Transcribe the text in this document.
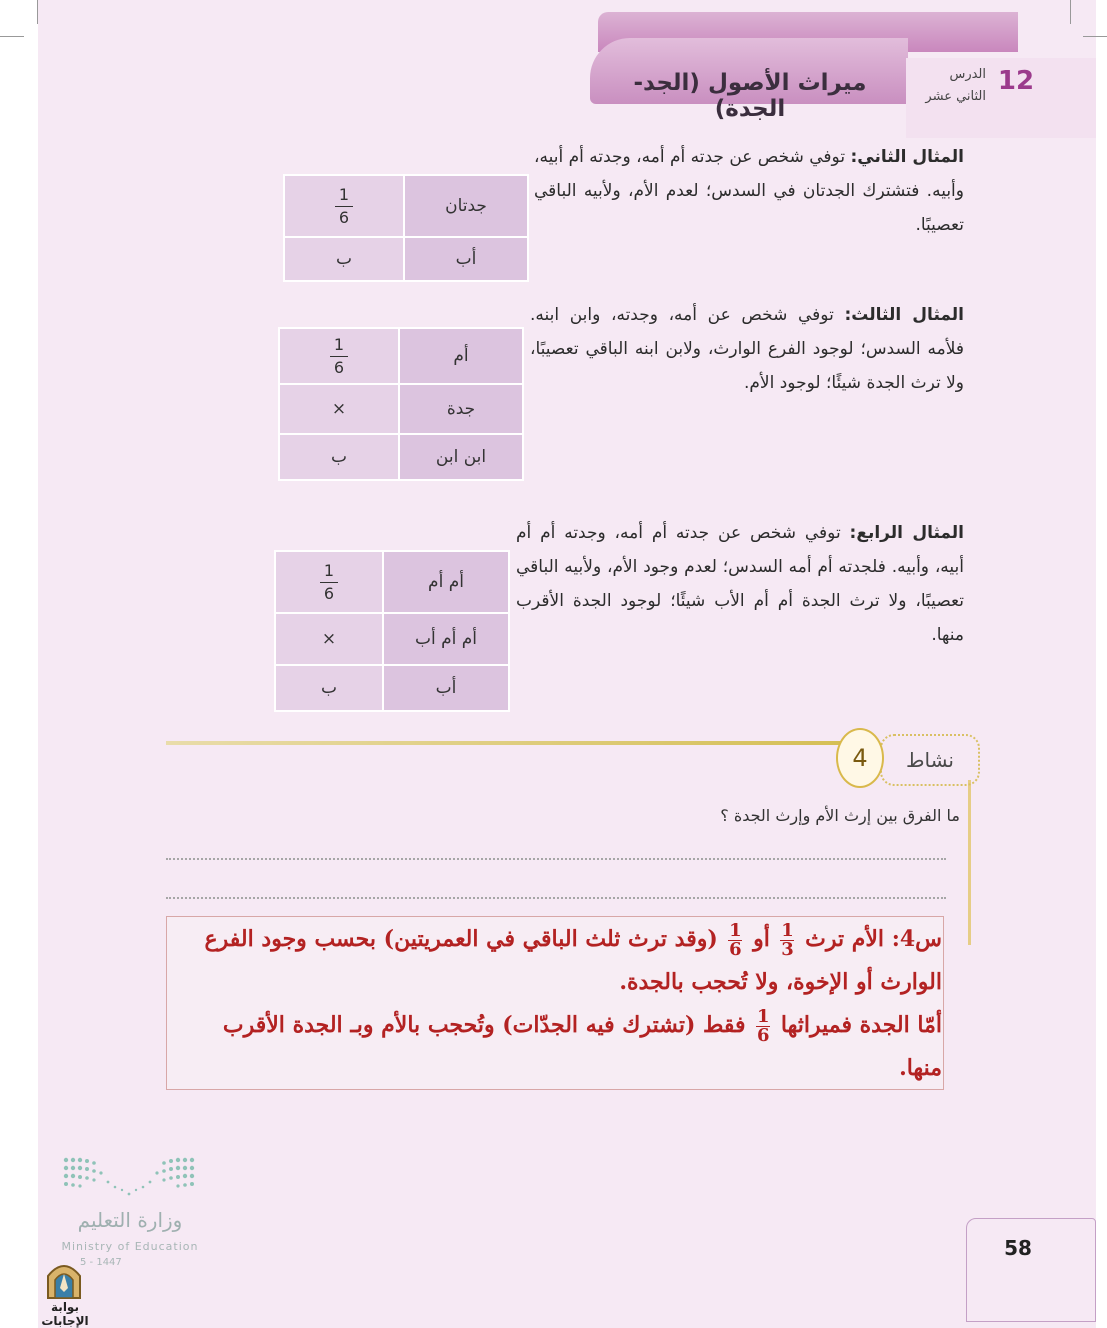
ميراث الأصول (الجد-الجدة)
الدرس
الثاني عشر
12
المثال الثاني: توفي شخص عن جدته أم أمه، وجدته أم أبيه، وأبيه. فتشترك الجدتان في السدس؛ لعدم الأم، ولأبيه الباقي تعصيبًا.
$\frac{1}{6}$	جدتان
ب	أب
المثال الثالث: توفي شخص عن أمه، وجدته، وابن ابنه. فلأمه السدس؛ لوجود الفرع الوارث، ولابن ابنه الباقي تعصيبًا، ولا ترث الجدة شيئًا؛ لوجود الأم.
$\frac{1}{6}$	أم
×	جدة
ب	ابن ابن
المثال الرابع: توفي شخص عن جدته أم أمه، وجدته أم أم أبيه، وأبيه. فلجدته أم أمه السدس؛ لعدم وجود الأم، ولأبيه الباقي تعصيبًا، ولا ترث الجدة أم أم الأب شيئًا؛ لوجود الجدة الأقرب منها.
$\frac{1}{6}$	أم أم
×	أم أم أب
ب	أب
نشاط
4
ما الفرق بين إرث الأم وإرث الجدة ؟
س4: الأم ترث
$\frac{1}{3}$
أو
$\frac{1}{6}$
(وقد ترث ثلث الباقي في العمريتين) بحسب وجود الفرع الوارث أو الإخوة، ولا تُحجب بالجدة.
أمّا الجدة فميراثها
$\frac{1}{6}$
فقط (تشترك فيه الجدّات) وتُحجب بالأم وبـ الجدة الأقرب منها.
وزارة التعليم
Ministry of Education
5 - 1447
بوابة الإجابات
58
